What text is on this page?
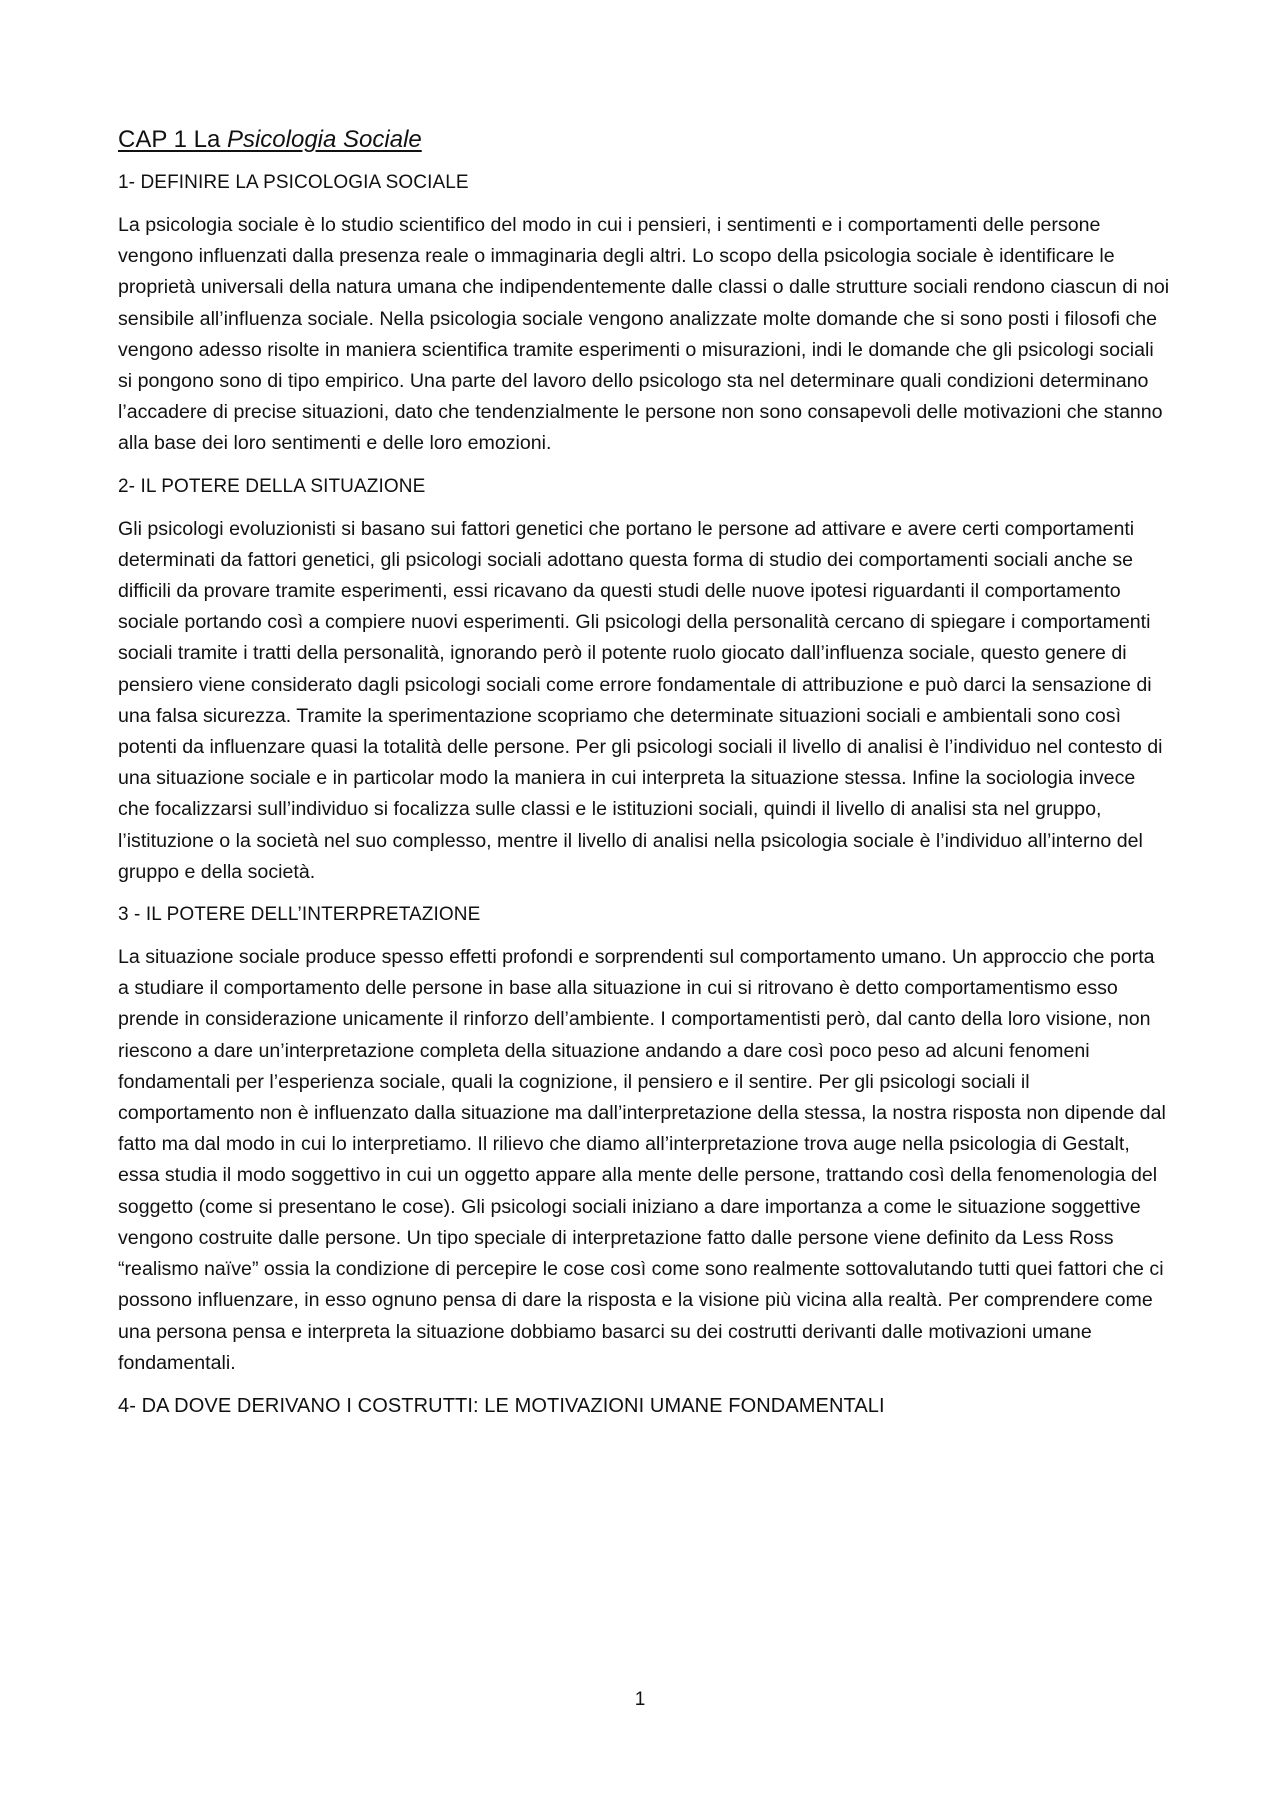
CAP 1 La Psicologia Sociale
1- DEFINIRE LA PSICOLOGIA SOCIALE

La psicologia sociale è lo studio scientifico del modo in cui i pensieri, i sentimenti e i comportamenti delle persone vengono influenzati dalla presenza reale o immaginaria degli altri. Lo scopo della psicologia sociale è identificare le proprietà universali della natura umana che indipendentemente dalle classi o dalle strutture sociali rendono ciascun di noi sensibile all’influenza sociale. Nella psicologia sociale vengono analizzate molte domande che si sono posti i filosofi che vengono adesso risolte in maniera scientifica tramite esperimenti o misurazioni, indi le domande che gli psicologi sociali si pongono sono di tipo empirico. Una parte del lavoro dello psicologo sta nel determinare quali condizioni determinano l’accadere di precise situazioni, dato che tendenzialmente le persone non sono consapevoli delle motivazioni che stanno alla base dei loro sentimenti e delle loro emozioni.

2- IL POTERE DELLA SITUAZIONE

Gli psicologi evoluzionisti si basano sui fattori genetici che portano le persone ad attivare e avere certi comportamenti determinati da fattori genetici, gli psicologi sociali adottano questa forma di studio dei comportamenti sociali anche se difficili da provare tramite esperimenti, essi ricavano da questi studi delle nuove ipotesi riguardanti il comportamento sociale portando così a compiere nuovi esperimenti. Gli psicologi della personalità cercano di spiegare i comportamenti sociali tramite i tratti della personalità, ignorando però il potente ruolo giocato dall’influenza sociale, questo genere di pensiero viene considerato dagli psicologi sociali come errore fondamentale di attribuzione e può darci la sensazione di una falsa sicurezza. Tramite la sperimentazione scopriamo che determinate situazioni sociali e ambientali sono così potenti da influenzare quasi la totalità delle persone. Per gli psicologi sociali il livello di analisi è l’individuo nel contesto di una situazione sociale e in particolar modo la maniera in cui interpreta la situazione stessa. Infine la sociologia invece che focalizzarsi sull’individuo si focalizza sulle classi e le istituzioni sociali, quindi il livello di analisi sta nel gruppo, l’istituzione o la società nel suo complesso, mentre il livello di analisi nella psicologia sociale è l’individuo all’interno del gruppo e della società.

3 - IL POTERE DELL’INTERPRETAZIONE

La situazione sociale produce spesso effetti profondi e sorprendenti sul comportamento umano. Un approccio che porta a studiare il comportamento delle persone in base alla situazione in cui si ritrovano è detto comportamentismo esso prende in considerazione unicamente il rinforzo dell’ambiente. I comportamentisti però, dal canto della loro visione, non riescono a dare un’interpretazione completa della situazione andando a dare così poco peso ad alcuni fenomeni fondamentali per l’esperienza sociale, quali la cognizione, il pensiero e il sentire. Per gli psicologi sociali il comportamento non è influenzato dalla situazione ma dall’interpretazione della stessa, la nostra risposta non dipende dal fatto ma dal modo in cui lo interpretiamo. Il rilievo che diamo all’interpretazione trova auge nella psicologia di Gestalt, essa studia il modo soggettivo in cui un oggetto appare alla mente delle persone, trattando così della fenomenologia del soggetto (come si presentano le cose). Gli psicologi sociali iniziano a dare importanza a come le situazione soggettive vengono costruite dalle persone. Un tipo speciale di interpretazione fatto dalle persone viene definito da Less Ross “realismo naïve” ossia la condizione di percepire le cose così come sono realmente sottovalutando tutti quei fattori che ci possono influenzare, in esso ognuno pensa di dare la risposta e la visione più vicina alla realtà. Per comprendere come una persona pensa e interpreta la situazione dobbiamo basarci su dei costrutti derivanti dalle motivazioni umane fondamentali.

4- DA DOVE DERIVANO I COSTRUTTI: LE MOTIVAZIONI UMANE FONDAMENTALI
1
